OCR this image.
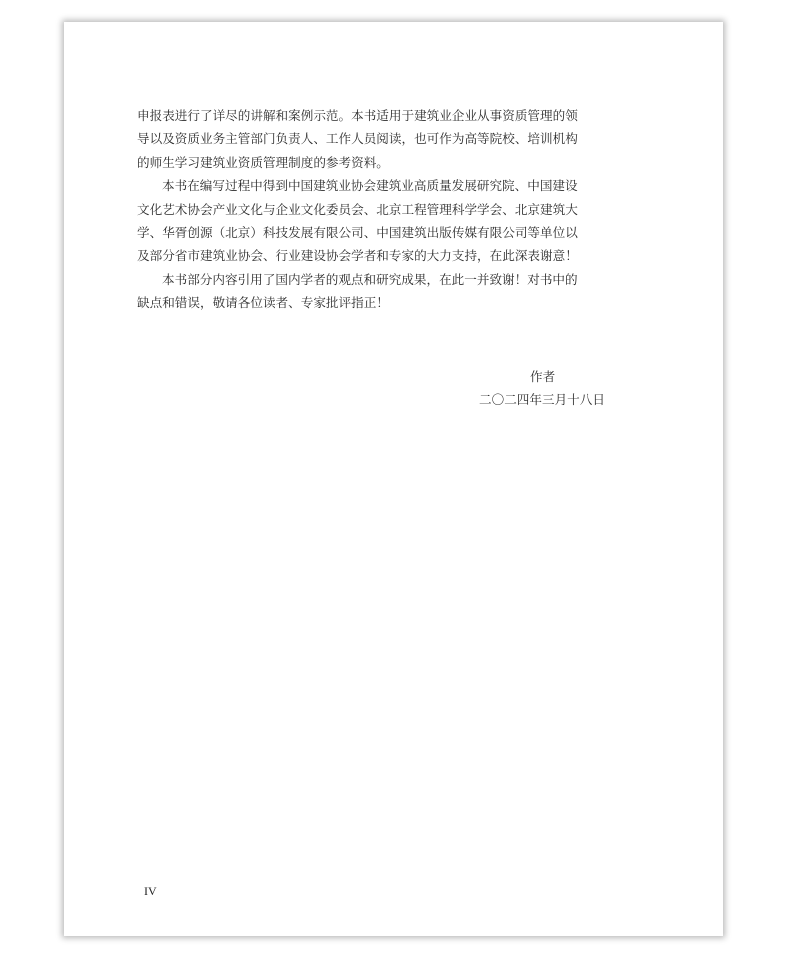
申报表进行了详尽的讲解和案例示范。本书适用于建筑业企业从事资质管理的领
导以及资质业务主管部门负责人、工作人员阅读，也可作为高等院校、培训机构
的师生学习建筑业资质管理制度的参考资料。
本书在编写过程中得到中国建筑业协会建筑业高质量发展研究院、中国建设
文化艺术协会产业文化与企业文化委员会、北京工程管理科学学会、北京建筑大
学、华胥创源（北京）科技发展有限公司、中国建筑出版传媒有限公司等单位以
及部分省市建筑业协会、行业建设协会学者和专家的大力支持，在此深表谢意！
本书部分内容引用了国内学者的观点和研究成果，在此一并致谢！对书中的
缺点和错误，敬请各位读者、专家批评指正！
作者
二〇二四年三月十八日
IV
